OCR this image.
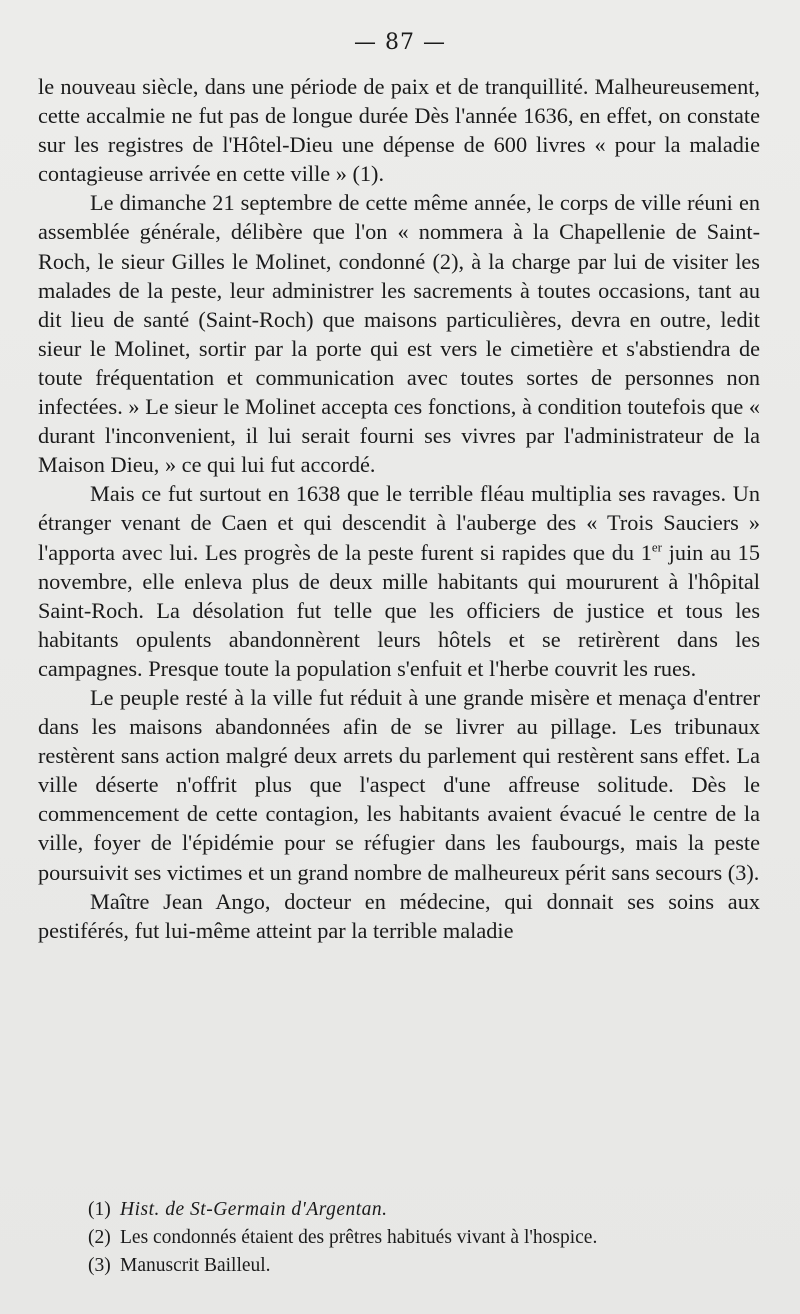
— 87 —

le nouveau siècle, dans une période de paix et de tranquillité. Malheureusement, cette accalmie ne fut pas de longue durée Dès l'année 1636, en effet, on constate sur les registres de l'Hôtel-Dieu une dépense de 600 livres « pour la maladie contagieuse arrivée en cette ville » (1).

Le dimanche 21 septembre de cette même année, le corps de ville réuni en assemblée générale, délibère que l'on « nommera à la Chapellenie de Saint-Roch, le sieur Gilles le Molinet, condonné (2), à la charge par lui de visiter les malades de la peste, leur administrer les sacrements à toutes occasions, tant au dit lieu de santé (Saint-Roch) que maisons particulières, devra en outre, ledit sieur le Molinet, sortir par la porte qui est vers le cimetière et s'abstiendra de toute fréquentation et communication avec toutes sortes de personnes non infectées. » Le sieur le Molinet accepta ces fonctions, à condition toutefois que « durant l'inconvenient, il lui serait fourni ses vivres par l'administrateur de la Maison Dieu, » ce qui lui fut accordé.

Mais ce fut surtout en 1638 que le terrible fléau multiplia ses ravages. Un étranger venant de Caen et qui descendit à l'auberge des « Trois Sauciers » l'apporta avec lui. Les progrès de la peste furent si rapides que du 1er juin au 15 novembre, elle enleva plus de deux mille habitants qui moururent à l'hôpital Saint-Roch. La désolation fut telle que les officiers de justice et tous les habitants opulents abandonnèrent leurs hôtels et se retirèrent dans les campagnes. Presque toute la population s'enfuit et l'herbe couvrit les rues.

Le peuple resté à la ville fut réduit à une grande misère et menaça d'entrer dans les maisons abandonnées afin de se livrer au pillage. Les tribunaux restèrent sans action malgré deux arrets du parlement qui restèrent sans effet. La ville déserte n'offrit plus que l'aspect d'une affreuse solitude. Dès le commencement de cette contagion, les habitants avaient évacué le centre de la ville, foyer de l'épidémie pour se réfugier dans les faubourgs, mais la peste poursuivit ses victimes et un grand nombre de malheureux périt sans secours (3).

Maître Jean Ango, docteur en médecine, qui donnait ses soins aux pestiférés, fut lui-même atteint par la terrible maladie

(1) Hist. de St-Germain d'Argentan.
(2) Les condonnés étaient des prêtres habitués vivant à l'hospice.
(3) Manuscrit Bailleul.
